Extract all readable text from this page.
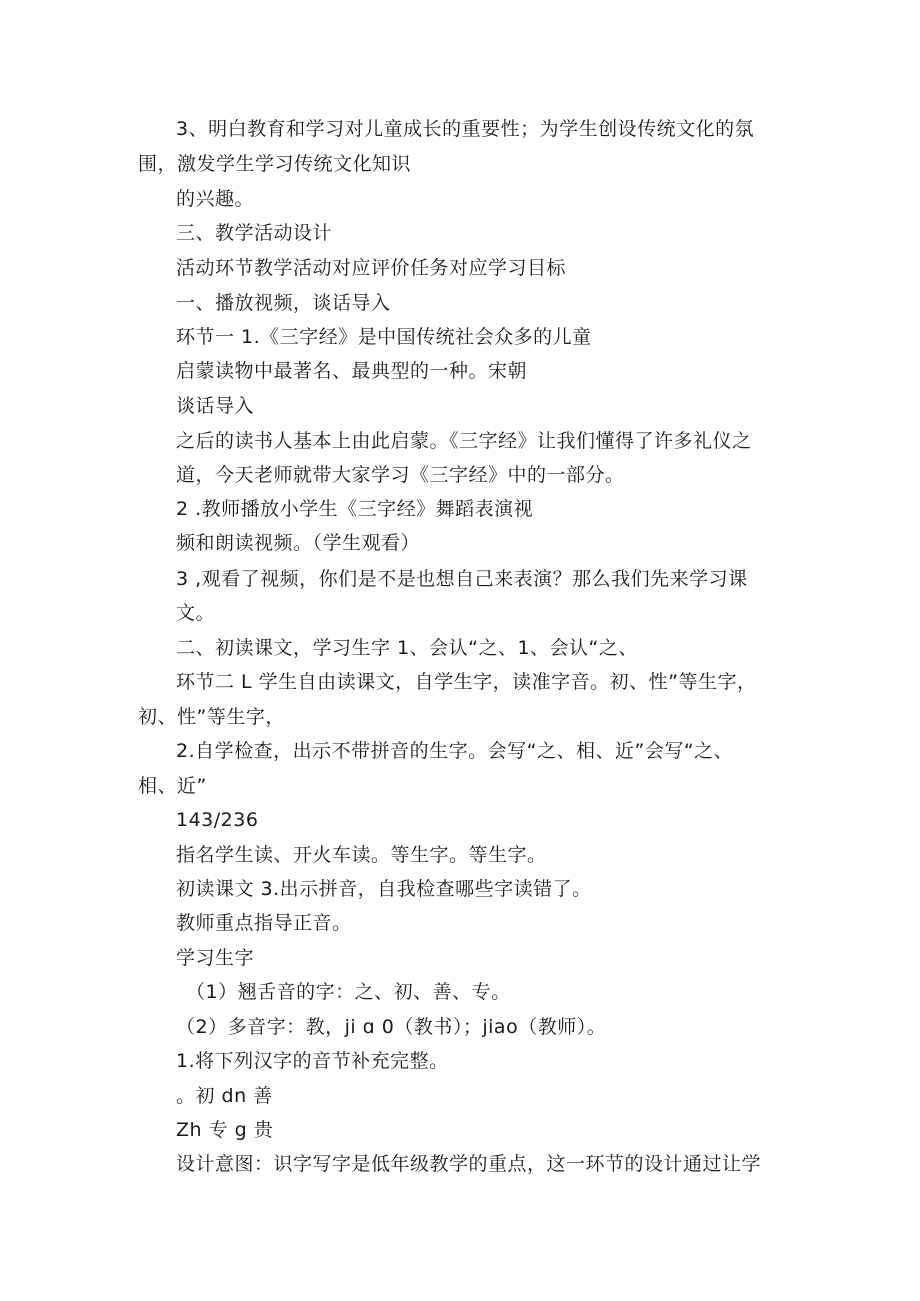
3、明白教育和学习对儿童成长的重要性；为学生创设传统文化的氛
围，激发学生学习传统文化知识
的兴趣。
三、教学活动设计
活动环节教学活动对应评价任务对应学习目标
一、播放视频，谈话导入
环节一 1.《三字经》是中国传统社会众多的儿童
启蒙读物中最著名、最典型的一种。宋朝
谈话导入
之后的读书人基本上由此启蒙。《三字经》让我们懂得了许多礼仪之
道，今天老师就带大家学习《三字经》中的一部分。
2 .教师播放小学生《三字经》舞蹈表演视
频和朗读视频。（学生观看）
3 ,观看了视频，你们是不是也想自己来表演？那么我们先来学习课
文。
二、初读课文，学习生字 1、会认“之、1、会认“之、
环节二 L 学生自由读课文，自学生字，读准字音。初、性”等生字，
初、性”等生字，
2.自学检查，出示不带拼音的生字。会写“之、相、近”会写“之、
相、近”
143/236
指名学生读、开火车读。等生字。等生字。
初读课文 3.出示拼音，自我检查哪些字读错了。
教师重点指导正音。
学习生字
（1）翘舌音的字：之、初、善、专。
（2）多音字：教，ji ɑ 0（教书）；jiao（教师）。
1.将下列汉字的音节补充完整。
。初 dn 善
Zh 专 g 贵
设计意图：识字写字是低年级教学的重点，这一环节的设计通过让学
